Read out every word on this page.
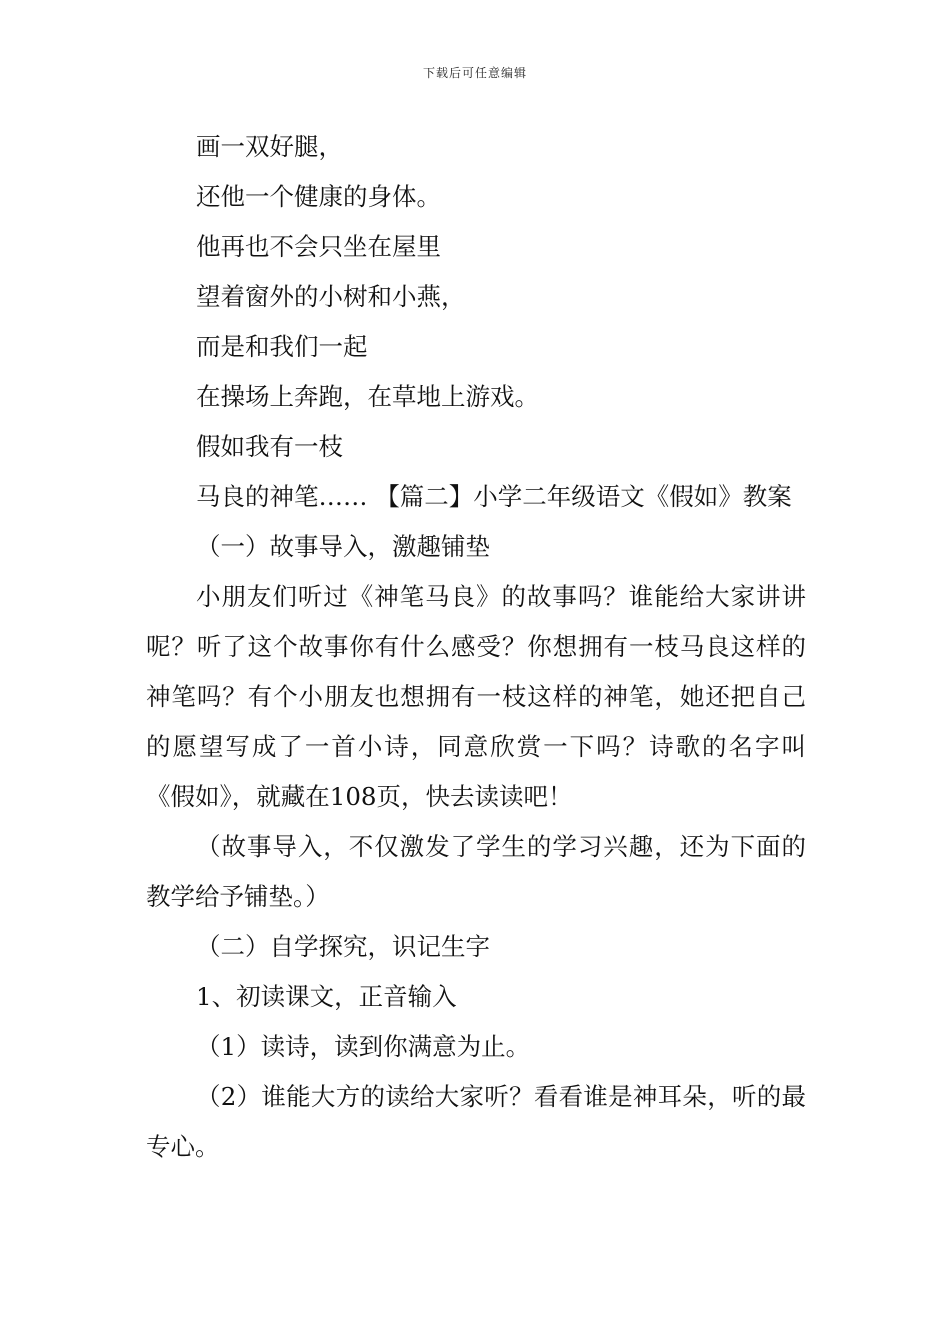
下载后可任意编辑

画一双好腿，

还他一个健康的身体。

他再也不会只坐在屋里

望着窗外的小树和小燕，

而是和我们一起

在操场上奔跑，在草地上游戏。

假如我有一枝

马良的神笔…… 【篇二】小学二年级语文《假如》教案

（一）故事导入，激趣铺垫

小朋友们听过《神笔马良》的故事吗？谁能给大家讲讲呢？听了这个故事你有什么感受？你想拥有一枝马良这样的神笔吗？有个小朋友也想拥有一枝这样的神笔，她还把自己的愿望写成了一首小诗，同意欣赏一下吗？诗歌的名字叫《假如》，就藏在108页，快去读读吧！

（故事导入，不仅激发了学生的学习兴趣，还为下面的教学给予铺垫。）

（二）自学探究，识记生字

1、初读课文，正音输入

（1）读诗，读到你满意为止。

（2）谁能大方的读给大家听？看看谁是神耳朵，听的最专心。
